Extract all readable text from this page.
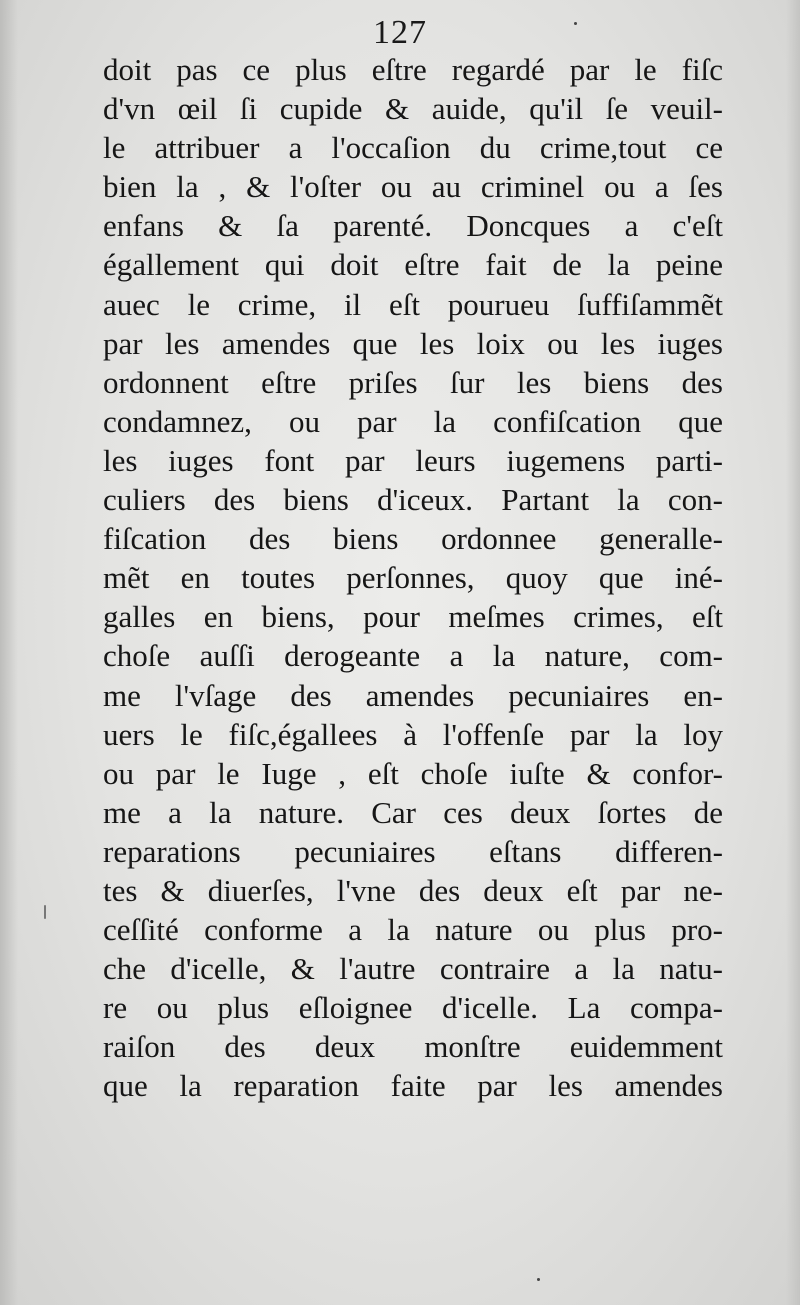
127
doit pas ce plus eſtre regardé par le fiſc
d'vn œil ſi cupide & auide, qu'il ſe veuil-
le attribuer a l'occaſion du crime,tout ce
bien la , & l'oſter ou au criminel ou a ſes
enfans & ſa parenté. Doncques a c'eſt
égallement qui doit eſtre fait de la peine
auec le crime, il eſt pourueu ſuffiſammẽt
par les amendes que les loix ou les iuges
ordonnent eſtre priſes ſur les biens des
condamnez, ou par la confiſcation que
les iuges font par leurs iugemens parti-
culiers des biens d'iceux. Partant la con-
fiſcation des biens ordonnee generalle-
mẽt en toutes perſonnes, quoy que iné-
galles en biens, pour meſmes crimes, eſt
choſe auſſi derogeante a la nature, com-
me l'vſage des amendes pecuniaires en-
uers le fiſc,égallees à l'offenſe par la loy
ou par le Iuge , eſt choſe iuſte & confor-
me a la nature. Car ces deux ſortes de
reparations pecuniaires eſtans differen-
tes & diuerſes, l'vne des deux eſt par ne-
ceſſité conforme a la nature ou plus pro-
che d'icelle, & l'autre contraire a la natu-
re ou plus eſloignee d'icelle. La compa-
raiſon des deux monſtre euidemment
que la reparation faite par les amendes
